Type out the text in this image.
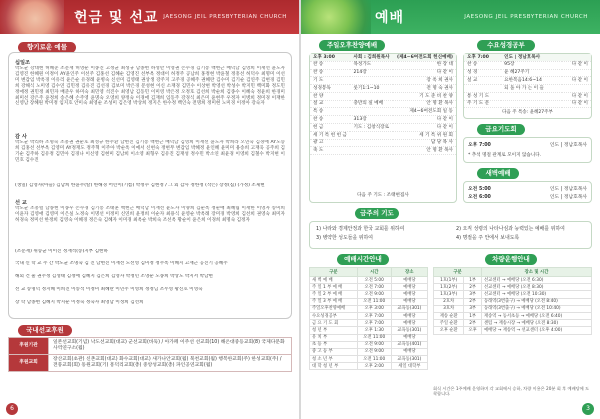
헌금 및 선교 JAESONG JEIL PRESBYTERIAN CHURCH
향기로운 예물
십일조
박도균 강대현 허혜준 조문재 허영순 이종진 고정균 최성규 남종현 하성만 이영권 손수경 김기봉 백현근 배덕남 김영희 이재선 윤도자 김영진 한혜원 이정이 AY윤인주 이선주 김홍선 김혜순 김영진 선부옥 정대이 허정주 공남희 홍정현 박윤철 정흥선 허덕수 최명미 이선미 변갑임 박옥경 이유리 윤은순 유경례 윤병숙 신선미 김영태 권상생 강주지 고주경 공혜주 권혜란 김수미 김기순 김연주 김현경 김민희 강해식 노미영 김수연 김민정 김유진 김선경 김보미 박은경 문성현 이신 소재경 김민수 이상현 박영선 박성수 박지민 백미화 정도민 정애정 권민정 최민자 배준우 하미숙 최민영 석진수 최영남 김동민 이미영 박은정 오정호 김선희 박순희 김종수 이혜숙 정윤희 한경미 최미선 강은주 윤정희 송은혜 손주영 윤명숙 오영희 양정숙 이경애 김재희 임동주 강경식 최은미 윤현주 우정자 이병희 정미경 이재한 신영남 장혜원 박미정 임지호 안미숙 최영순 조성미 김은영 박상희 정지은 한수정 백인숙 전명희 정미현 노미경 이정아 강숙자
감 사
박도균 박리하 조명숙 조흥권 권순호 최성규 한주환 남현진 김기봉 백현근 배덕남 김영희 이재선 윤도자 박희라 오연숙 김경애 AY노승희 김홍선 선부옥 김영미 AY정재도 정주혁 이주아 박순옥 이예서 신현숙 정현무 변갑임 박혜정 윤인혜 윤미미 용송희 고재욱 공주희 김기순 김주하 김유정 김민아 김경나 이신영 김현미 김남희 이소영 최형우 김유진 김재성 정수민 박소연 최윤경 이영희 김철수 박지현 이민호 김수진
(생일) 김영자(아들) 김남희 한윤주(딸) 한해경 어린이(기쁨) 박정수 김현정 / 그 외 감사 정한정 (작은) 장정(집) (가정) 조제현
선 교
박도균 조흥렬 남종현 이종우 손수경 김기봉 조태훈 백현근 배덕남 이재선 윤도자 이양희 김순옥 정순애 최혜림 이재한 이영자 송미희 이윤자 김영애 김영미 이은실 노정숙 이명선 이정미 신연희 윤정희 이순자 최용식 윤영순 박옥례 장미경 박영희 김선희 권영숙 최미자 허경숙 정미선 한정희 김영숙 이혜경 정은숙 김혜자 이미경 최옥순 박희숙 조선옥 황순이 윤은희 이경희 최명숙 김정자
(조문재) 위승균 이이진 정재석(송)지부 김현하
국내 신 학 교 주 간 박도균 조명숙 김 진 남현진 이재선 노선영 김미정 정주옥 이혜지 고재근 공진기 공혜주
해외 건 물 권주정 김성태 김정애 김혜지 김은희 김영자 박정민 조영순 노종희 박상도 박지서 박남현
선 교 송명덕 정지혜 이희진 이송석 이정미 최혜란 이민주 이영희 정정님 조두영 황신호 이영숙
장 학 남종현 김혜지 박지순 이정숙 정숙자 최영남 이성희 김선희
국내선교후원
후원기관	일본선교회(기념) 낙도선교회(대교) 군선교회(바둑) / 아가페 이주선 선교회(10) 해온대중등교회(8) 국제다문화사역연구소(월)
후원교회	장산교회(초관) 신촌교회(대교) 화수교회(대교) 새가나안교회(월) 북천교회(월) 행복한교회(주) 한성교회(주) / 전풍교회(회) 동원교회(기) 흥덕리교회(총) 중앙성교회(총) 파인공연교회(월)
6
예배	JAESONG JEIL PRESBYTERIAN CHURCH
주일오후찬양예배
오후 3:00	사회 : 김희원목사	(제4~6여전도회 헌신예배)
찬 송	목성가도	한 장 대
찬 송	214장	다 같 이
기 도		장 옥 희 권사
성경봉독	룻기1:1~10	전 명 숙 권사
찬 양		기 도 준 비 찬 양
설 교	충만의 실 예배	안 명 환 목사
특 송		제4~6여전도회 일 동
찬 송	313장	다 같 이
헌 금	기도 : 김창식장로	다 같 이
세 기 특 헌 헌 금		세 기 특 위 원 회
광 고		담 당 목 사
축 도		안 명 환 목사
다음 주 기도 : 조태현집사
수요성경공부
오후 7:00	인도 | 정남호목사	
찬 송	95장	다 같 이
성 경	윤 혜27주기	
설 교	요한복음14:6~14	다 같 이
	되 돌 아 가 는 이 들	
통 성 기 도		다 같 이
주 기 도 문		다 같 이
다음 주 특송: 윤혜27주부
금요기도회
오후 7:00	인도 | 정남호목사
* 추석 명절 관계로 모이지 않습니다.
새벽예배
오전 5:00	인도 | 정남호목사
오전 6:00	인도 | 정남호목사
금주의 기도
1) 나라와 경제안정과 한국 교회를 위하여	2) 오직 성령의 나타나심과 능력있는 예배를 위하여
3) 병약한 성도들을 위하여	4) 명절을 주 안에서 보내도록
예배시간안내
구분	시간	장소
새 벽 예 배	오전 5:00	예배당
주 일 1 부 예 배	오전 7:00	예배당
주 일 2 부 예 배	오전 9:00	예배당
주 일 3 부 예 배	오전 11:00	예배당
주일오후찬양예배	오후 3:00	교육동(301)
수요성경공부	오후 7:00	예배당
금 요 기 도 회	오후 7:00	예배당
청 년 부	오후 1:30	교육동(301)
유 치 부	오전 11:00	예배당
초 등 부	오전 9:00	교육동(401)
중 고 등 부	오전 9:00	예배당
청 소 년 부	오전 11:00	교육동(301)
대 학 청 년 부	오후 2:00	세일 대학부
차량운행안내
구분		장소 및 시간
1호(1부)	1부	선교센터 → 예배당 (오전 6:30)
1호(2부)	2부	선교센터 → 예배당 (오전 8:30)
1호(3부)	3부	선교센터 → 예배당 (오전 10:30)
2호차	2부	동래역(3번출구) → 예배당 (오전 8:40)
3호차	3부	동래역(3번출구) → 예배당 (오전 10:40)
재송 순환	1부	재송역 → 동서초등 → 예배당 (오전 6:40)
주일 순환	2부	센텀 → 재송시장 → 예배당 (오전 8:30)
오후 순환	오후	예배당 → 재송역 → 선교센터 (오후 4:00)
회식 시간은 1주예배 운영하며 각 교회에서 승하, 차량 이용은 20분 회 후 예배당에 도착합니다.
3
